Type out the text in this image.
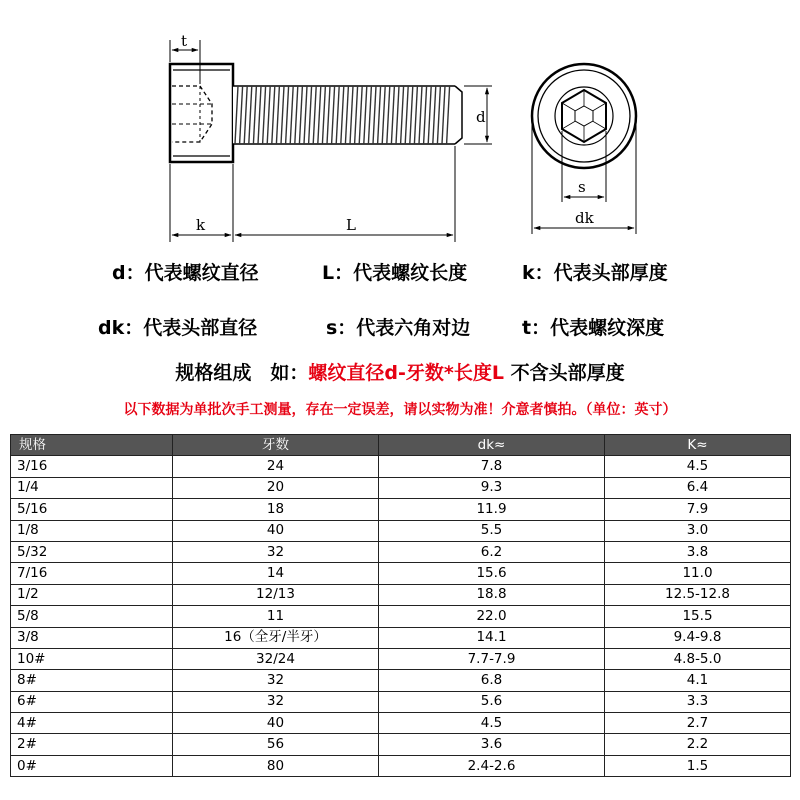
t
d
k	L
s
dk
d：代表螺纹直径	L：代表螺纹长度	k：代表头部厚度
dk：代表头部直径	s：代表六角对边	t：代表螺纹深度
规格组成　如：螺纹直径d-牙数*长度L 不含头部厚度
以下数据为单批次手工测量，存在一定误差，请以实物为准！介意者慎拍。（单位：英寸）
规格	牙数	dk≈	K≈
3/16	24	7.8	4.5
1/4	20	9.3	6.4
5/16	18	11.9	7.9
1/8	40	5.5	3.0
5/32	32	6.2	3.8
7/16	14	15.6	11.0
1/2	12/13	18.8	12.5-12.8
5/8	11	22.0	15.5
3/8	16（全牙/半牙）	14.1	9.4-9.8
10#	32/24	7.7-7.9	4.8-5.0
8#	32	6.8	4.1
6#	32	5.6	3.3
4#	40	4.5	2.7
2#	56	3.6	2.2
0#	80	2.4-2.6	1.5
